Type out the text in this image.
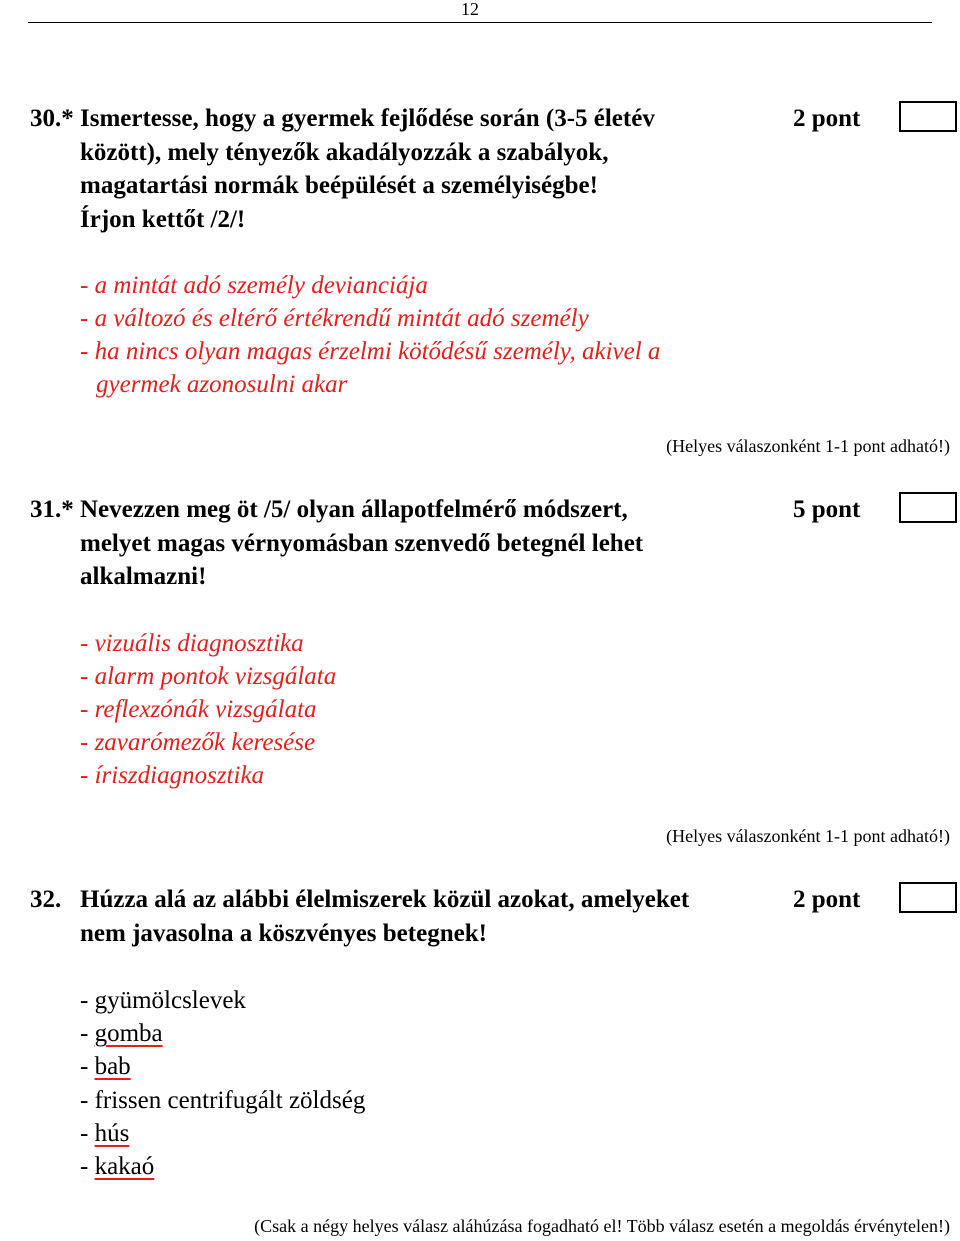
12
30.* Ismertesse, hogy a gyermek fejlődése során (3-5 életév
között), mely tényezők akadályozzák a szabályok,
magatartási normák beépülését a személyiségbe!
Írjon kettőt /2/!
2 pont
- a mintát adó személy devianciája
- a változó és eltérő értékrendű mintát adó személy
- ha nincs olyan magas érzelmi kötődésű személy, akivel a
gyermek azonosulni akar
(Helyes válaszonként 1-1 pont adható!)
31.* Nevezzen meg öt /5/ olyan állapotfelmérő módszert,
melyet magas vérnyomásban szenvedő betegnél lehet
alkalmazni!
5 pont
- vizuális diagnosztika
- alarm pontok vizsgálata
- reflexzónák vizsgálata
- zavarómezők keresése
- íriszdiagnosztika
(Helyes válaszonként 1-1 pont adható!)
32. Húzza alá az alábbi élelmiszerek közül azokat, amelyeket
nem javasolna a köszvényes betegnek!
2 pont
- gyümölcslevek
- gomba
- bab
- frissen centrifugált zöldség
- hús
- kakaó
(Csak a négy helyes válasz aláhúzása fogadható el! Több válasz esetén a megoldás érvénytelen!)
